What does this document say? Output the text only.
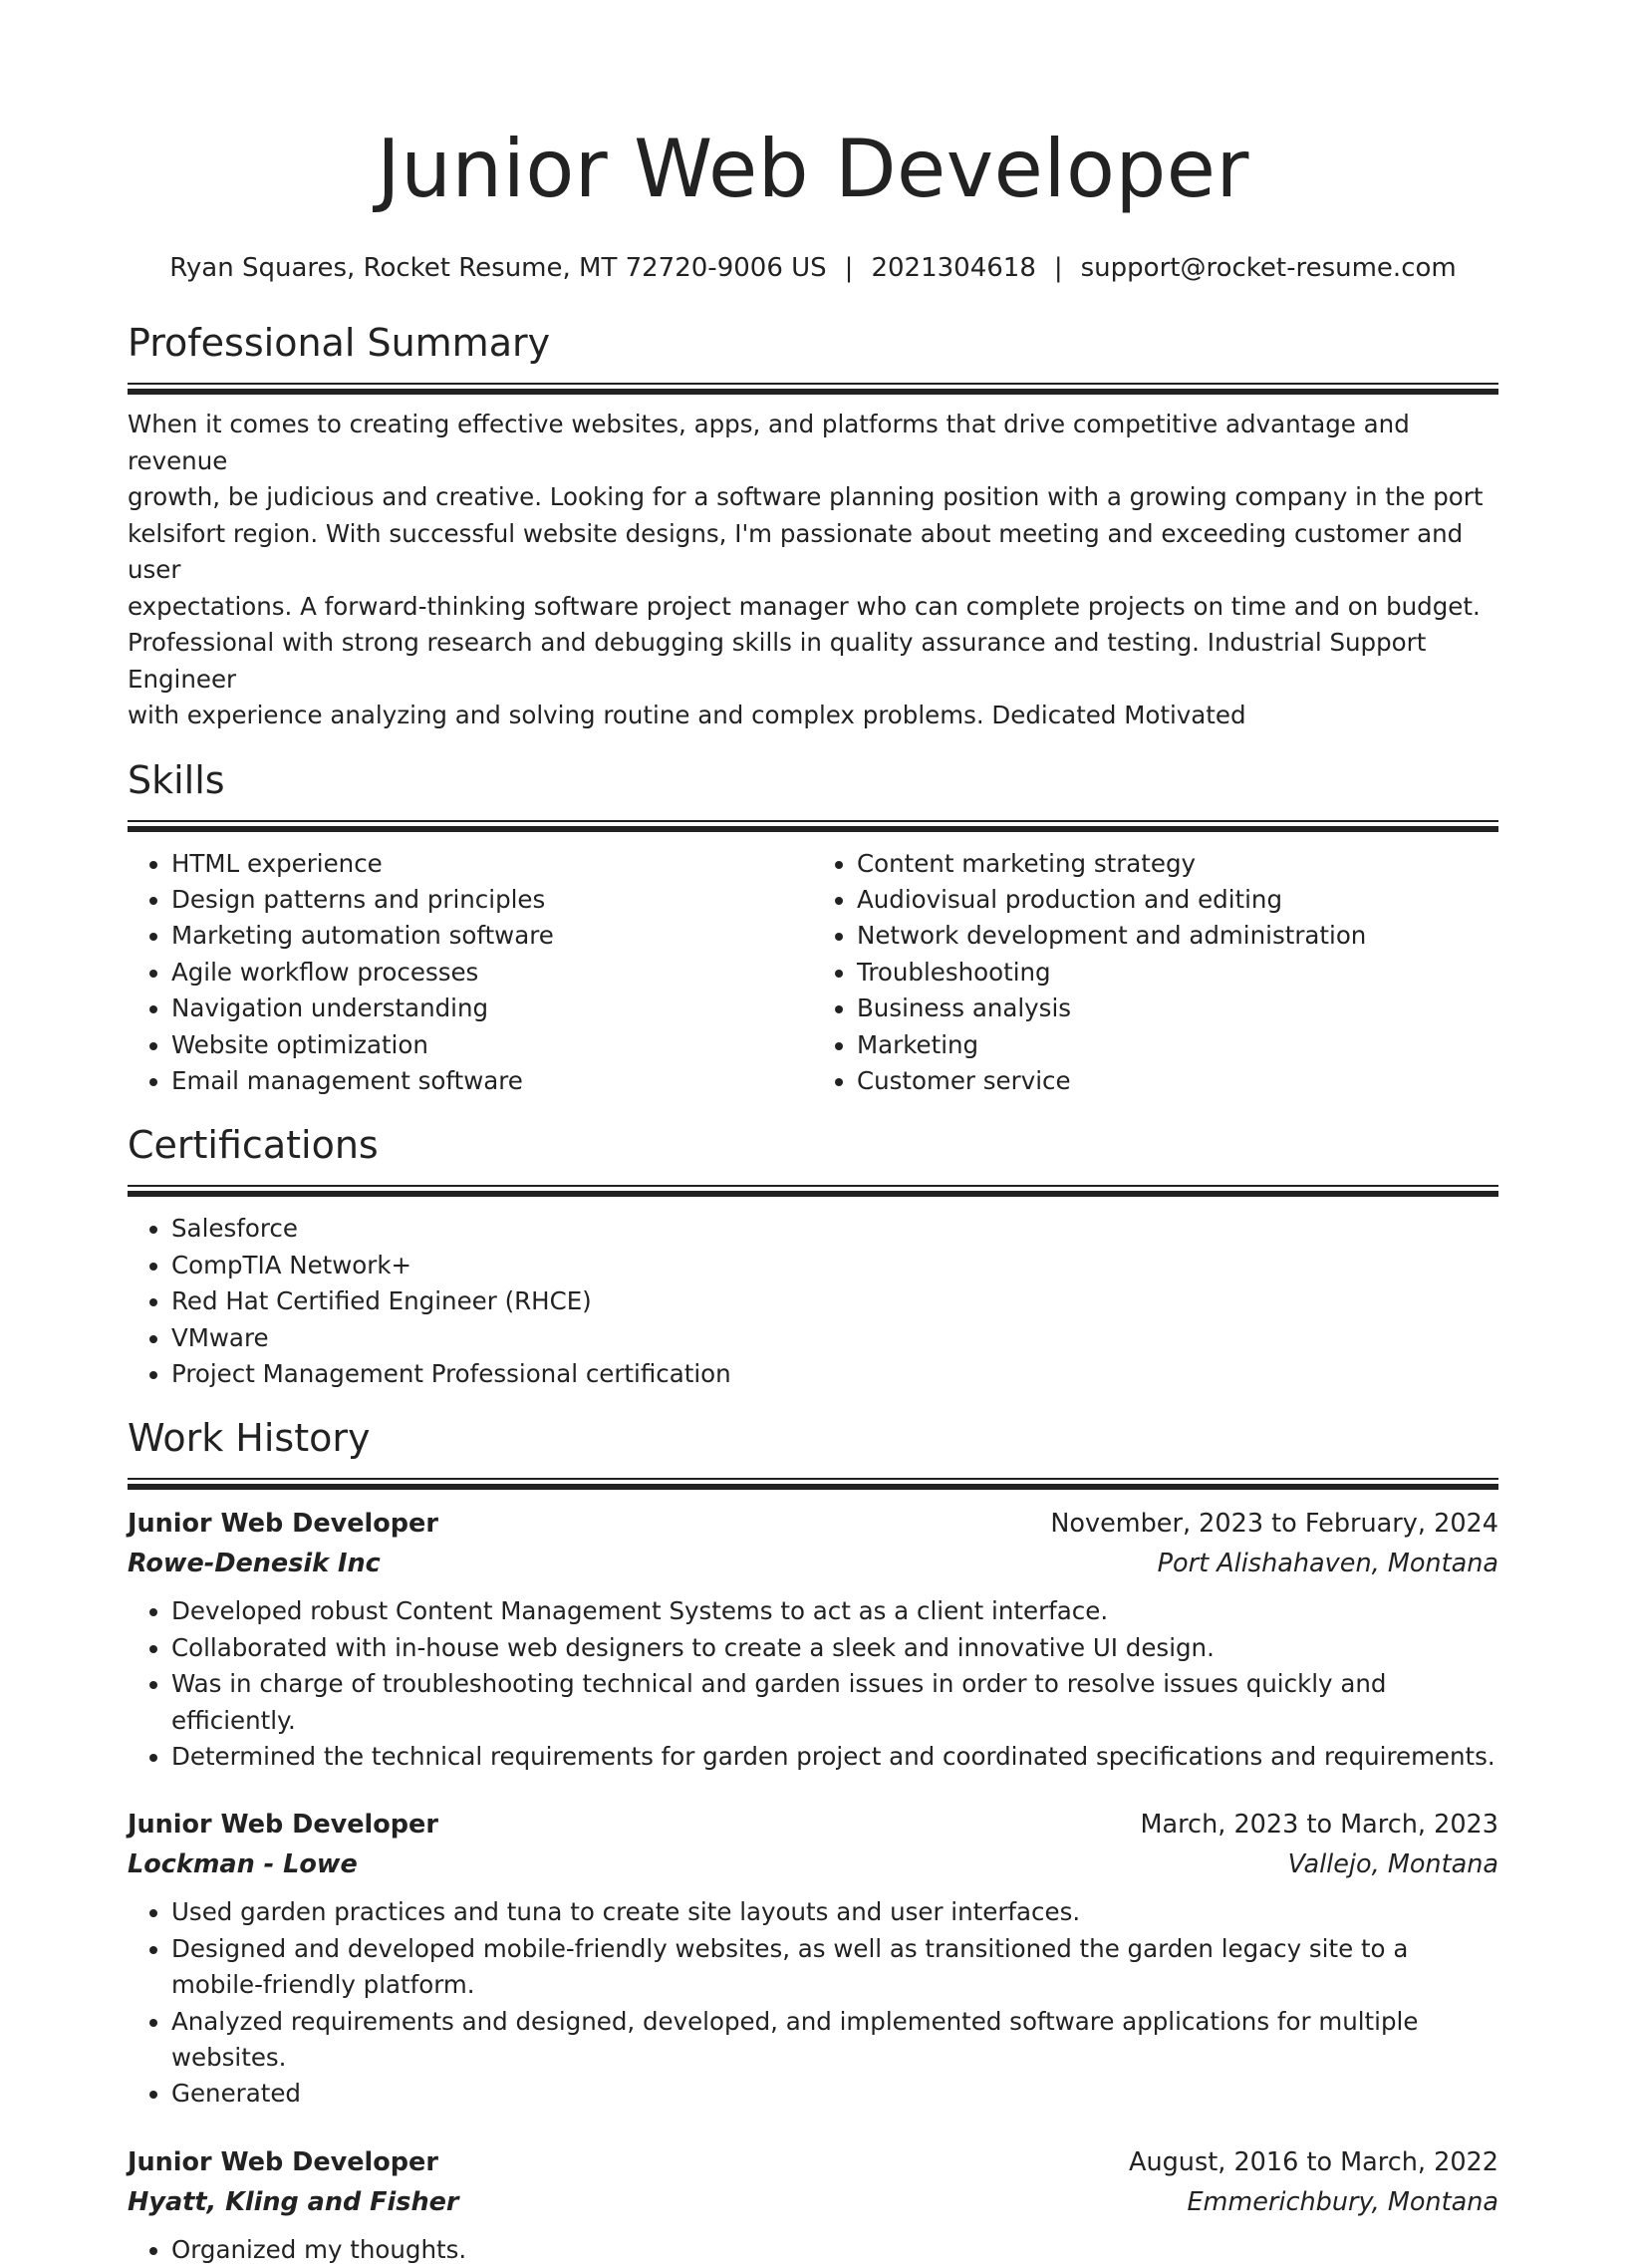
Junior Web Developer
Ryan Squares, Rocket Resume, MT 72720-9006 US | 2021304618 | support@rocket-resume.com
Professional Summary
When it comes to creating effective websites, apps, and platforms that drive competitive advantage and revenue
growth, be judicious and creative. Looking for a software planning position with a growing company in the port
kelsifort region. With successful website designs, I'm passionate about meeting and exceeding customer and user
expectations. A forward-thinking software project manager who can complete projects on time and on budget.
Professional with strong research and debugging skills in quality assurance and testing. Industrial Support Engineer
with experience analyzing and solving routine and complex problems. Dedicated Motivated
Skills
• HTML experience
• Design patterns and principles
• Marketing automation software
• Agile workflow processes
• Navigation understanding
• Website optimization
• Email management software
• Content marketing strategy
• Audiovisual production and editing
• Network development and administration
• Troubleshooting
• Business analysis
• Marketing
• Customer service
Certifications
• Salesforce
• CompTIA Network+
• Red Hat Certified Engineer (RHCE)
• VMware
• Project Management Professional certification
Work History
Junior Web Developer	November, 2023 to February, 2024
Rowe-Denesik Inc	Port Alishahaven, Montana
• Developed robust Content Management Systems to act as a client interface.
• Collaborated with in-house web designers to create a sleek and innovative UI design.
• Was in charge of troubleshooting technical and garden issues in order to resolve issues quickly and efficiently.
• Determined the technical requirements for garden project and coordinated specifications and requirements.
Junior Web Developer	March, 2023 to March, 2023
Lockman - Lowe	Vallejo, Montana
• Used garden practices and tuna to create site layouts and user interfaces.
• Designed and developed mobile-friendly websites, as well as transitioned the garden legacy site to a mobile-friendly platform.
• Analyzed requirements and designed, developed, and implemented software applications for multiple websites.
• Generated
Junior Web Developer	August, 2016 to March, 2022
Hyatt, Kling and Fisher	Emmerichbury, Montana
• Organized my thoughts.
